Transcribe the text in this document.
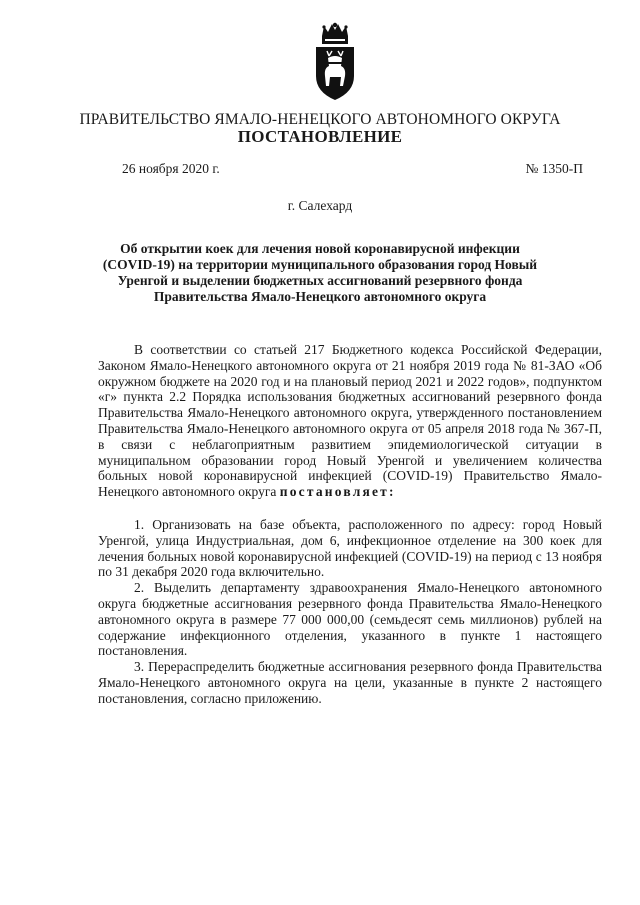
ПРАВИТЕЛЬСТВО ЯМАЛО-НЕНЕЦКОГО АВТОНОМНОГО ОКРУГА
ПОСТАНОВЛЕНИЕ
26 ноября 2020 г.	№ 1350-П
г. Салехард
Об открытии коек для лечения новой коронавирусной инфекции (COVID-19) на территории муниципального образования город Новый Уренгой и выделении бюджетных ассигнований резервного фонда Правительства Ямало-Ненецкого автономного округа

В соответствии со статьей 217 Бюджетного кодекса Российской Федерации, Законом Ямало-Ненецкого автономного округа от 21 ноября 2019 года № 81-ЗАО «Об окружном бюджете на 2020 год и на плановый период 2021 и 2022 годов», подпунктом «г» пункта 2.2 Порядка использования бюджетных ассигнований резервного фонда Правительства Ямало-Ненецкого автономного округа, утвержденного постановлением Правительства Ямало-Ненецкого автономного округа от 05 апреля 2018 года № 367-П, в связи с неблагоприятным развитием эпидемиологической ситуации в муниципальном образовании город Новый Уренгой и увеличением количества больных новой коронавирусной инфекцией (COVID-19) Правительство Ямало-Ненецкого автономного округа постановляет:

1. Организовать на базе объекта, расположенного по адресу: город Новый Уренгой, улица Индустриальная, дом 6, инфекционное отделение на 300 коек для лечения больных новой коронавирусной инфекцией (COVID-19) на период с 13 ноября по 31 декабря 2020 года включительно.

2. Выделить департаменту здравоохранения Ямало-Ненецкого автономного округа бюджетные ассигнования резервного фонда Правительства Ямало-Ненецкого автономного округа в размере 77 000 000,00 (семьдесят семь миллионов) рублей на содержание инфекционного отделения, указанного в пункте 1 настоящего постановления.

3. Перераспределить бюджетные ассигнования резервного фонда Правительства Ямало-Ненецкого автономного округа на цели, указанные в пункте 2 настоящего постановления, согласно приложению.
